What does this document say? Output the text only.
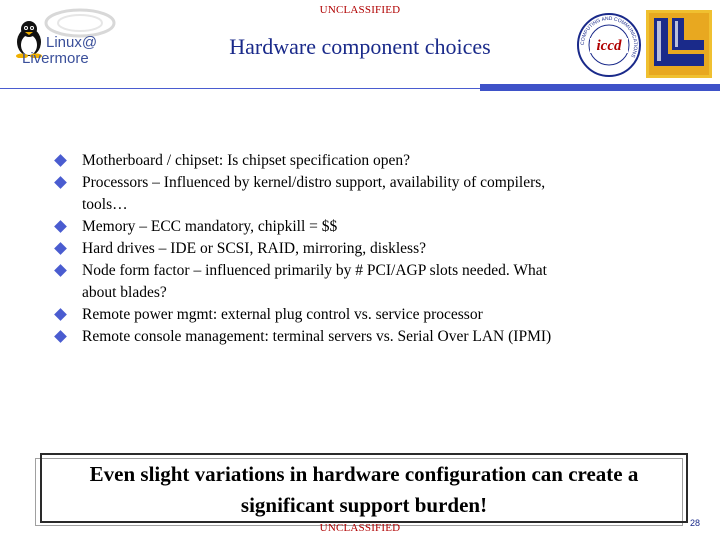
UNCLASSIFIED
Linux@
Livermore	Hardware component choices	COMPUTING AND COMMUNICATIONS
iccd
Motherboard / chipset: Is chipset specification open?
Processors – Influenced by kernel/distro support, availability of compilers,
tools…
Memory – ECC mandatory, chipkill = $$
Hard drives – IDE or SCSI, RAID, mirroring, diskless?
Node form factor – influenced primarily by # PCI/AGP slots needed. What
about blades?
Remote power mgmt: external plug control vs. service processor
Remote console management: terminal servers vs. Serial Over LAN (IPMI)
Even slight variations in hardware configuration can create a
significant support burden!
UNCLASSIFIED	28
